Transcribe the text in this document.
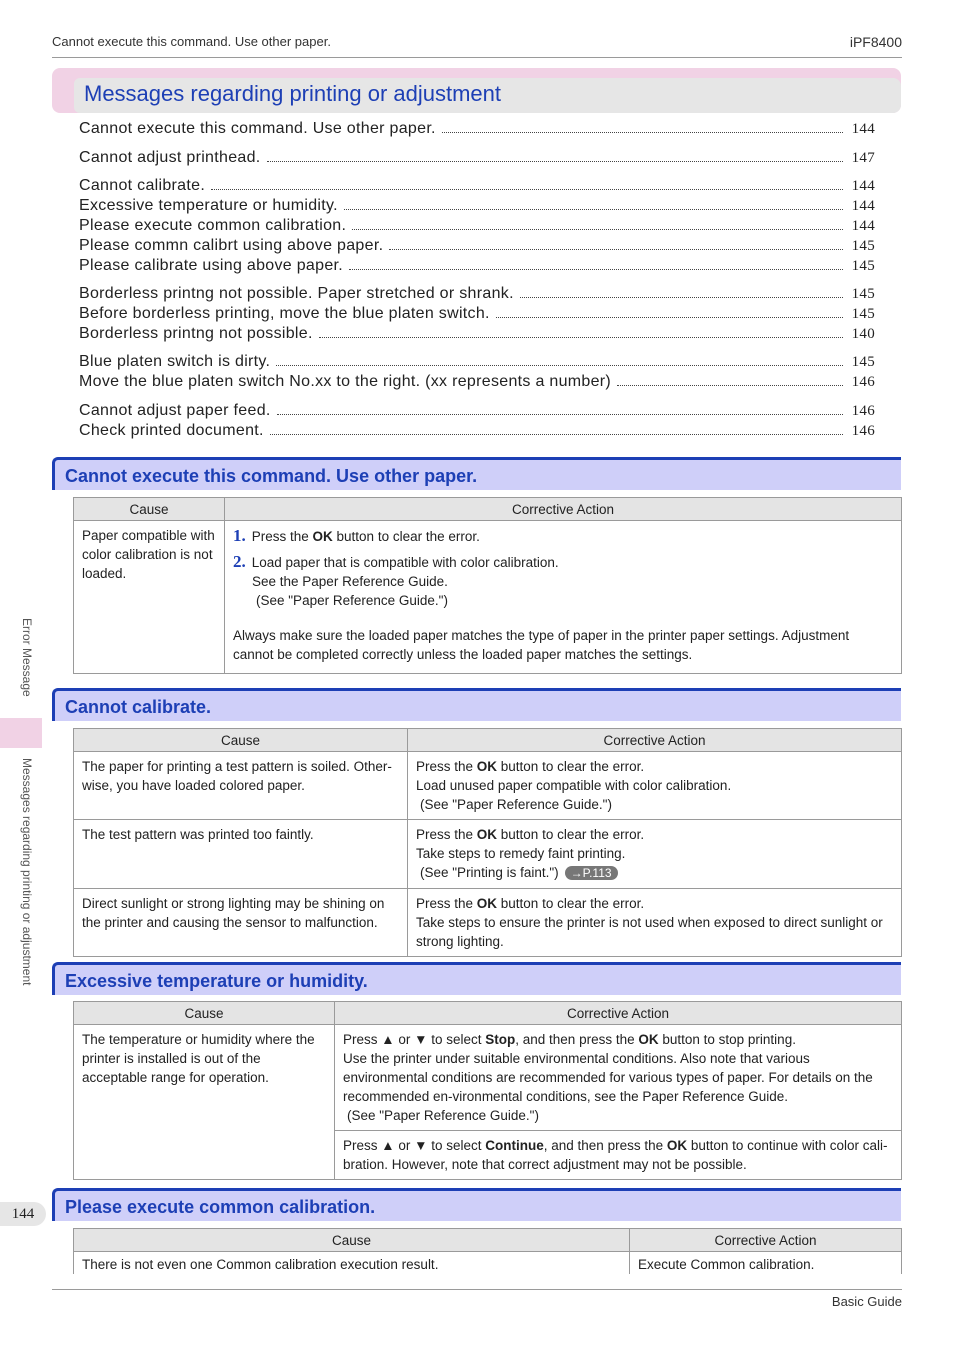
Cannot execute this command. Use other paper.	iPF8400
Error Message
Messages regarding printing or adjustment
144
Messages regarding printing or adjustment
Cannot execute this command. Use other paper.	144
Cannot adjust printhead.	147
Cannot calibrate.	144
Excessive temperature or humidity.	144
Please execute common calibration.	144
Please commn calibrt using above paper.	145
Please calibrate using above paper.	145
Borderless printng not possible. Paper stretched or shrank.	145
Before borderless printing, move the blue platen switch.	145
Borderless printng not possible.	140
Blue platen switch is dirty.	145
Move the blue platen switch No.xx to the right. (xx represents a number)	146
Cannot adjust paper feed.	146
Check printed document.	146
Cannot execute this command. Use other paper.
Cause	Corrective Action
Paper compatible with color calibration is not loaded.	1. Press the OK button to clear the error.
2. Load paper that is compatible with color calibration.
See the Paper Reference Guide.
(See "Paper Reference Guide.")
Always make sure the loaded paper matches the type of paper in the printer paper settings. Adjustment cannot be completed correctly unless the loaded paper matches the settings.
Cannot calibrate.
Cause	Corrective Action
The paper for printing a test pattern is soiled. Other-wise, you have loaded colored paper.	Press the OK button to clear the error.
Load unused paper compatible with color calibration.
(See "Paper Reference Guide.")

The test pattern was printed too faintly.	Press the OK button to clear the error.
Take steps to remedy faint printing.
(See "Printing is faint.") →P.113

Direct sunlight or strong lighting may be shining on the printer and causing the sensor to malfunction.	Press the OK button to clear the error.
Take steps to ensure the printer is not used when exposed to direct sunlight or strong lighting.
Excessive temperature or humidity.
Cause	Corrective Action
The temperature or humidity where the printer is installed is out of the acceptable range for operation.	Press ▲ or ▼ to select Stop, and then press the OK button to stop printing.
Use the printer under suitable environmental conditions. Also note that various environmental conditions are recommended for various types of paper. For details on the recommended en-vironmental conditions, see the Paper Reference Guide.
(See "Paper Reference Guide.")

	Press ▲ or ▼ to select Continue, and then press the OK button to continue with color cali-bration. However, note that correct adjustment may not be possible.
Please execute common calibration.
Cause	Corrective Action
There is not even one Common calibration execution result.	Execute Common calibration.
Basic Guide
